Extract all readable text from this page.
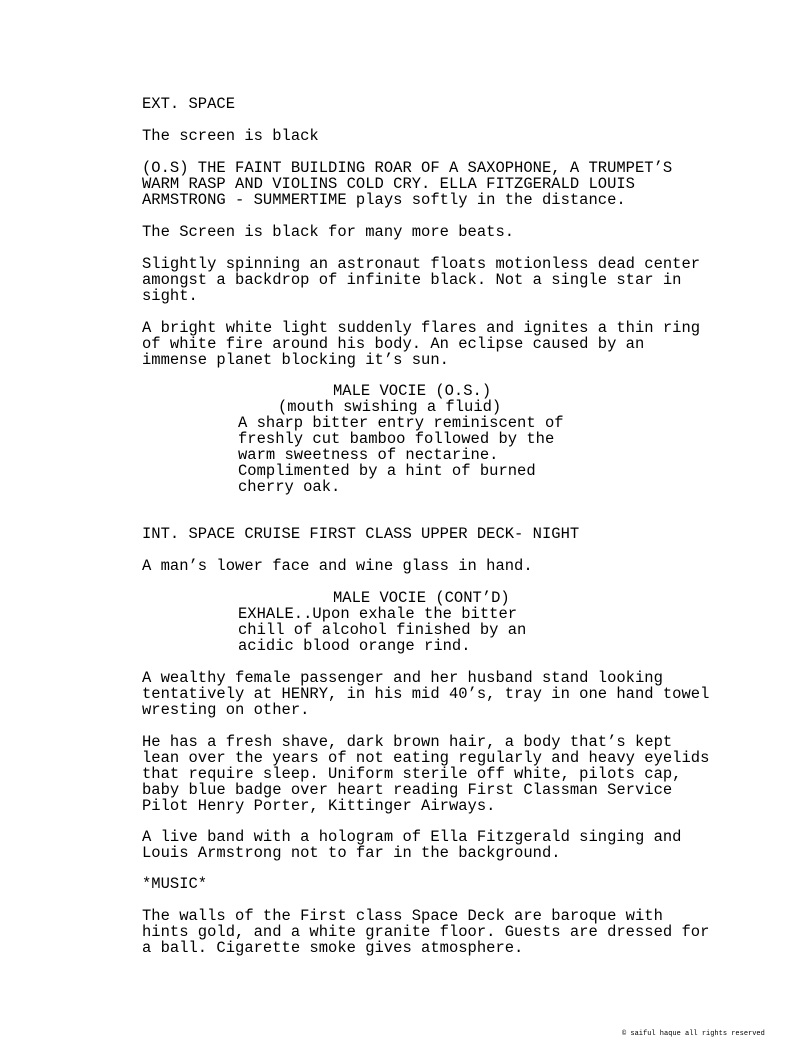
EXT. SPACE
The screen is black
(O.S) THE FAINT BUILDING ROAR OF A SAXOPHONE, A TRUMPET’S
WARM RASP AND VIOLINS COLD CRY. ELLA FITZGERALD LOUIS
ARMSTRONG - SUMMERTIME plays softly in the distance.
The Screen is black for many more beats.
Slightly spinning an astronaut floats motionless dead center
amongst a backdrop of infinite black. Not a single star in
sight.
A bright white light suddenly flares and ignites a thin ring
of white fire around his body. An eclipse caused by an
immense planet blocking it’s sun.
MALE VOCIE (O.S.)
(mouth swishing a fluid)
A sharp bitter entry reminiscent of
freshly cut bamboo followed by the
warm sweetness of nectarine.
Complimented by a hint of burned
cherry oak.
INT. SPACE CRUISE FIRST CLASS UPPER DECK- NIGHT
A man’s lower face and wine glass in hand.
MALE VOCIE (CONT’D)
EXHALE..Upon exhale the bitter
chill of alcohol finished by an
acidic blood orange rind.
A wealthy female passenger and her husband stand looking
tentatively at HENRY, in his mid 40’s, tray in one hand towel
wresting on other.
He has a fresh shave, dark brown hair, a body that’s kept
lean over the years of not eating regularly and heavy eyelids
that require sleep. Uniform sterile off white, pilots cap,
baby blue badge over heart reading First Classman Service
Pilot Henry Porter, Kittinger Airways.
A live band with a hologram of Ella Fitzgerald singing and
Louis Armstrong not to far in the background.
*MUSIC*
The walls of the First class Space Deck are baroque with
hints gold, and a white granite floor. Guests are dressed for
a ball. Cigarette smoke gives atmosphere.
© saiful haque all rights reserved
